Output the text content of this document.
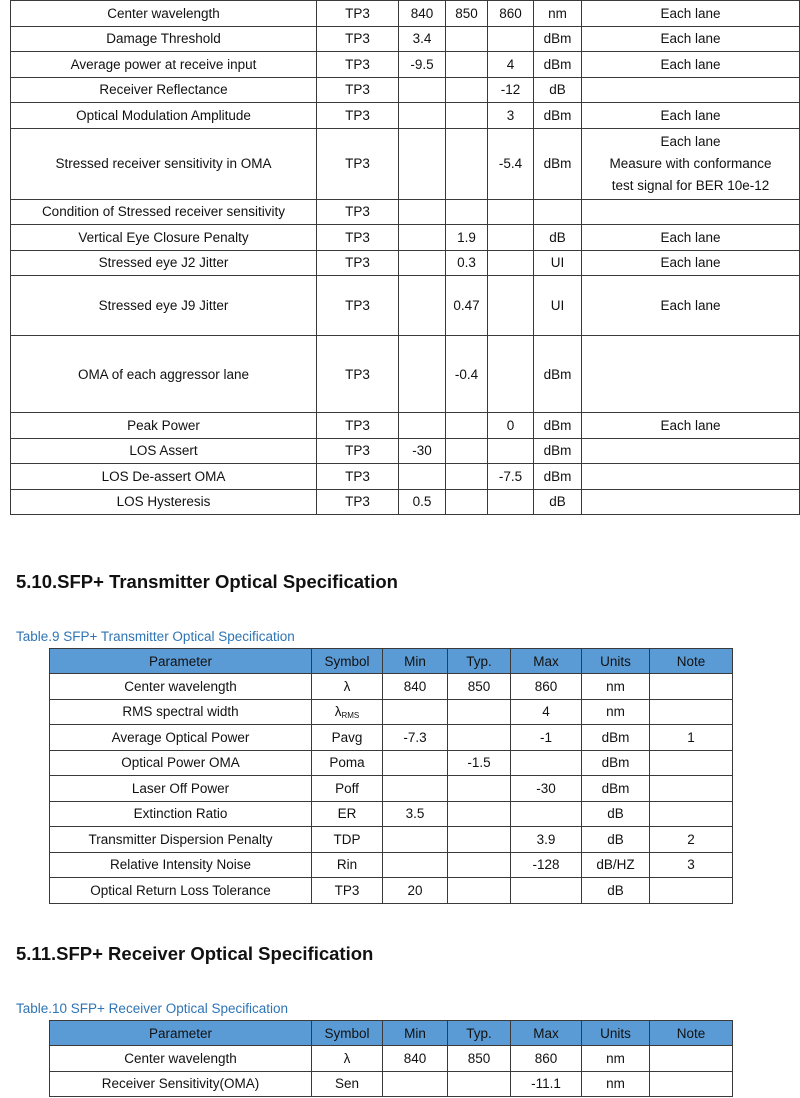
Center wavelength	TP3	840	850	860	nm	Each lane
Damage Threshold	TP3	3.4			dBm	Each lane
Average power at receive input	TP3	-9.5		4	dBm	Each lane
Receiver Reflectance	TP3			-12	dB	
Optical Modulation Amplitude	TP3			3	dBm	Each lane
Stressed receiver sensitivity in OMA	TP3			-5.4	dBm	Each lane
Measure with conformance
test signal for BER 10e-12

Condition of Stressed receiver sensitivity	TP3					
Vertical Eye Closure Penalty	TP3		1.9		dB	Each lane
Stressed eye J2 Jitter	TP3		0.3		UI	Each lane
Stressed eye J9 Jitter	TP3		0.47		UI	Each lane
OMA of each aggressor lane	TP3		-0.4		dBm	
Peak Power	TP3			0	dBm	Each lane
LOS Assert	TP3	-30			dBm	
LOS De-assert OMA	TP3			-7.5	dBm	
LOS Hysteresis	TP3	0.5			dB	
5.10.SFP+ Transmitter Optical Specification

Table.9 SFP+ Transmitter Optical Specification

Parameter	Symbol	Min	Typ.	Max	Units	Note
Center wavelength	λ	840	850	860	nm	
RMS spectral width	$\lambda_{RMS}$			4	nm	
Average Optical Power	Pavg	-7.3		-1	dBm	1
Optical Power OMA	Poma		-1.5		dBm	
Laser Off Power	Poff			-30	dBm	
Extinction Ratio	ER	3.5			dB	
Transmitter Dispersion Penalty	TDP			3.9	dB	2
Relative Intensity Noise	Rin			-128	dB/HZ	3
Optical Return Loss Tolerance	TP3	20			dB	
5.11.SFP+ Receiver Optical Specification

Table.10 SFP+ Receiver Optical Specification

Parameter	Symbol	Min	Typ.	Max	Units	Note
Center wavelength	λ	840	850	860	nm	
Receiver Sensitivity(OMA)	Sen			-11.1	nm	
